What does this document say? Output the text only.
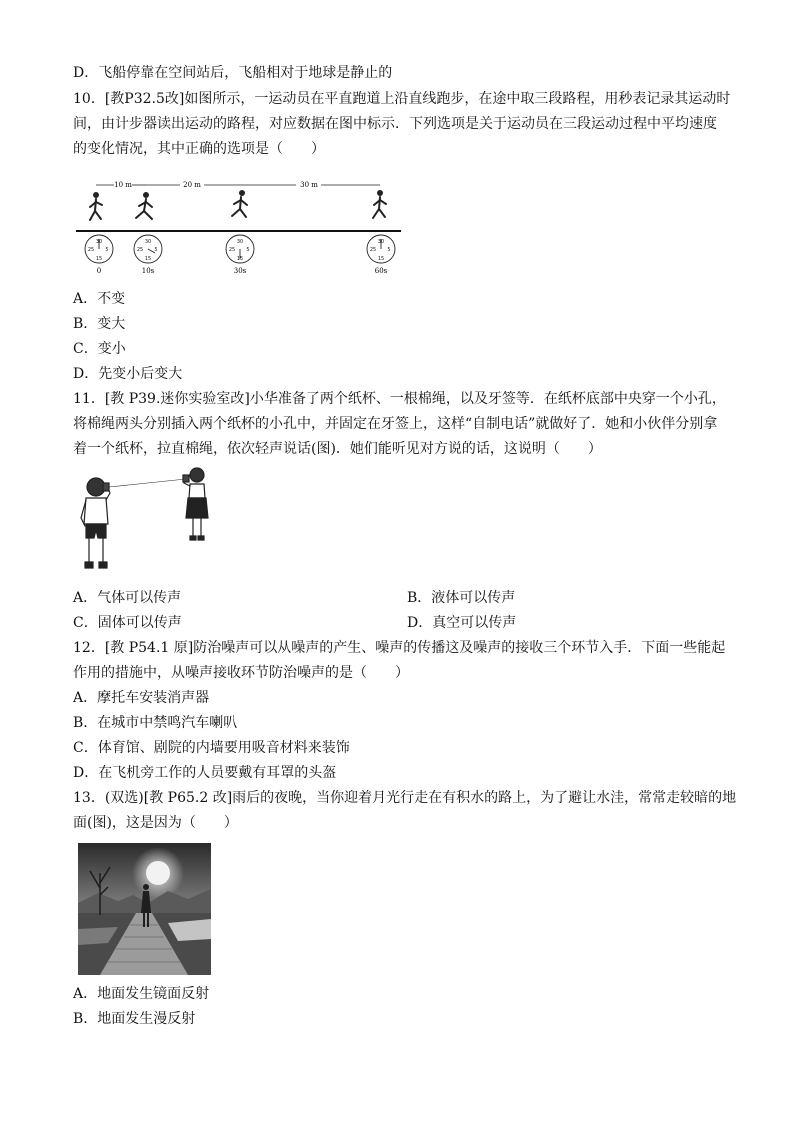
D．飞船停靠在空间站后，飞船相对于地球是静止的
10．[教P32.5改]如图所示，一运动员在平直跑道上沿直线跑步，在途中取三段路程，用秒表记录其运动时
间，由计步器读出运动的路程，对应数据在图中标示．下列选项是关于运动员在三段运动过程中平均速度
的变化情况，其中正确的选项是（　　）
10 m	20 m	30 m
30
25 5
15
30
25 5
15
30
25 5
15
30
25 5
15
0	10s	30s	60s
A．不变
B．变大
C．变小
D．先变小后变大
11．[教 P39.迷你实验室改]小华准备了两个纸杯、一根棉绳，以及牙签等．在纸杯底部中央穿一个小孔，
将棉绳两头分别插入两个纸杯的小孔中，并固定在牙签上，这样“自制电话”就做好了．她和小伙伴分别拿
着一个纸杯，拉直棉绳，依次轻声说话(图)．她们能听见对方说的话，这说明（　　）
A．气体可以传声	B．液体可以传声
C．固体可以传声	D．真空可以传声
12．[教 P54.1 原]防治噪声可以从噪声的产生、噪声的传播这及噪声的接收三个环节入手．下面一些能起
作用的措施中，从噪声接收环节防治噪声的是（　　）
A．摩托车安装消声器
B．在城市中禁鸣汽车喇叭
C．体育馆、剧院的内墙要用吸音材料来装饰
D．在飞机旁工作的人员要戴有耳罩的头盔
13．(双选)[教 P65.2 改]雨后的夜晚，当你迎着月光行走在有积水的路上，为了避让水洼，常常走较暗的地
面(图)，这是因为（　　）
A．地面发生镜面反射
B．地面发生漫反射
